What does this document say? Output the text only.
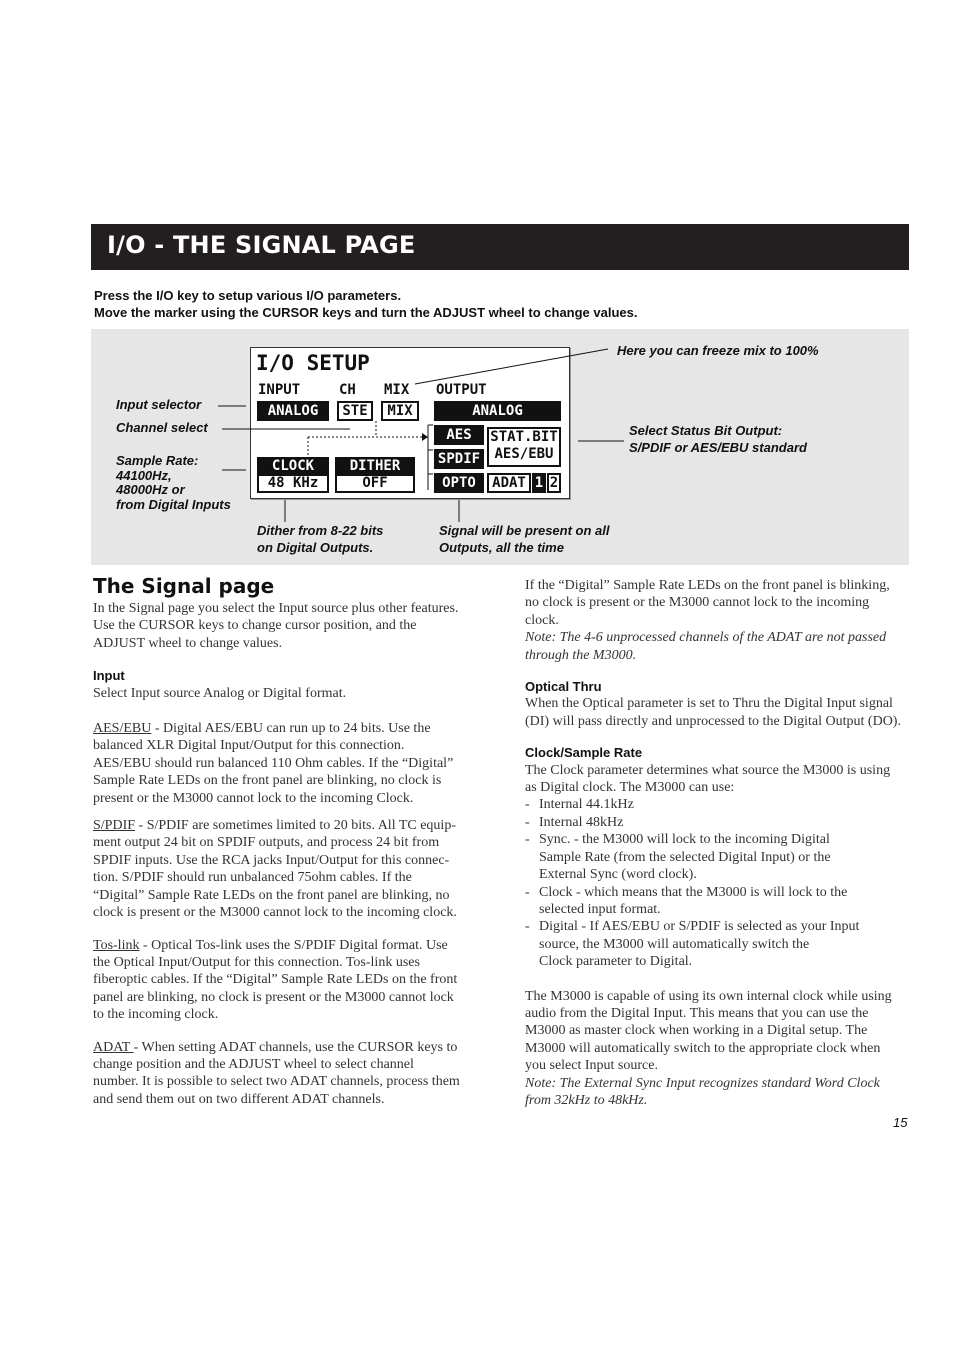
I/O - THE SIGNAL PAGE
Press the I/O key to setup various I/O parameters.
Move the marker using the CURSOR keys and turn the ADJUST wheel to change values.
I/O SETUP
INPUT	CH MIX OUTPUT
ANALOG	STE	MIX	ANALOG
AES
SPDIF
OPTO
STAT.BIT
AES/EBU
ADAT 1 2
CLOCK
48 KHz
DITHER
OFF
Here you can freeze mix to 100%
Input selector
Channel select	Select Status Bit Output:
S/PDIF or AES/EBU standard
Sample Rate:
44100Hz,
48000Hz or
from Digital Inputs
Dither from 8-22 bits
on Digital Outputs.
Signal will be present on all
Outputs, all the time
The Signal page
In the Signal page you select the Input source plus other features.
Use the CURSOR keys to change cursor position, and the
ADJUST wheel to change values.
Input
Select Input source Analog or Digital format.
AES/EBU - Digital AES/EBU can run up to 24 bits. Use the
balanced XLR Digital Input/Output for this connection.
AES/EBU should run balanced 110 Ohm cables. If the “Digital”
Sample Rate LEDs on the front panel are blinking, no clock is
present or the M3000 cannot lock to the incoming Clock.
S/PDIF - S/PDIF are sometimes limited to 20 bits. All TC equip-
ment output 24 bit on SPDIF outputs, and process 24 bit from
SPDIF inputs. Use the RCA jacks Input/Output for this connec-
tion. S/PDIF should run unbalanced 75ohm cables. If the
“Digital” Sample Rate LEDs on the front panel are blinking, no
clock is present or the M3000 cannot lock to the incoming clock.
Tos-link - Optical Tos-link uses the S/PDIF Digital format. Use
the Optical Input/Output for this connection. Tos-link uses
fiberoptic cables. If the “Digital” Sample Rate LEDs on the front
panel are blinking, no clock is present or the M3000 cannot lock
to the incoming clock.
ADAT - When setting ADAT channels, use the CURSOR keys to
change position and the ADJUST wheel to select channel
number. It is possible to select two ADAT channels, process them
and send them out on two different ADAT channels.
If the “Digital” Sample Rate LEDs on the front panel is blinking,
no clock is present or the M3000 cannot lock to the incoming
clock.
Note: The 4-6 unprocessed channels of the ADAT are not passed
through the M3000.
Optical Thru
When the Optical parameter is set to Thru the Digital Input signal
(DI) will pass directly and unprocessed to the Digital Output (DO).
Clock/Sample Rate
The Clock parameter determines what source the M3000 is using
as Digital clock. The M3000 can use:
- Internal 44.1kHz
- Internal 48kHz
- Sync. - the M3000 will lock to the incoming Digital
Sample Rate (from the selected Digital Input) or the
External Sync (word clock).
- Clock - which means that the M3000 is will lock to the
selected input format.
- Digital - If AES/EBU or S/PDIF is selected as your Input
source, the M3000 will automatically switch the
Clock parameter to Digital.
The M3000 is capable of using its own internal clock while using
audio from the Digital Input. This means that you can use the
M3000 as master clock when working in a Digital setup. The
M3000 will automatically switch to the appropriate clock when
you select Input source.
Note: The External Sync Input recognizes standard Word Clock
from 32kHz to 48kHz.
15
